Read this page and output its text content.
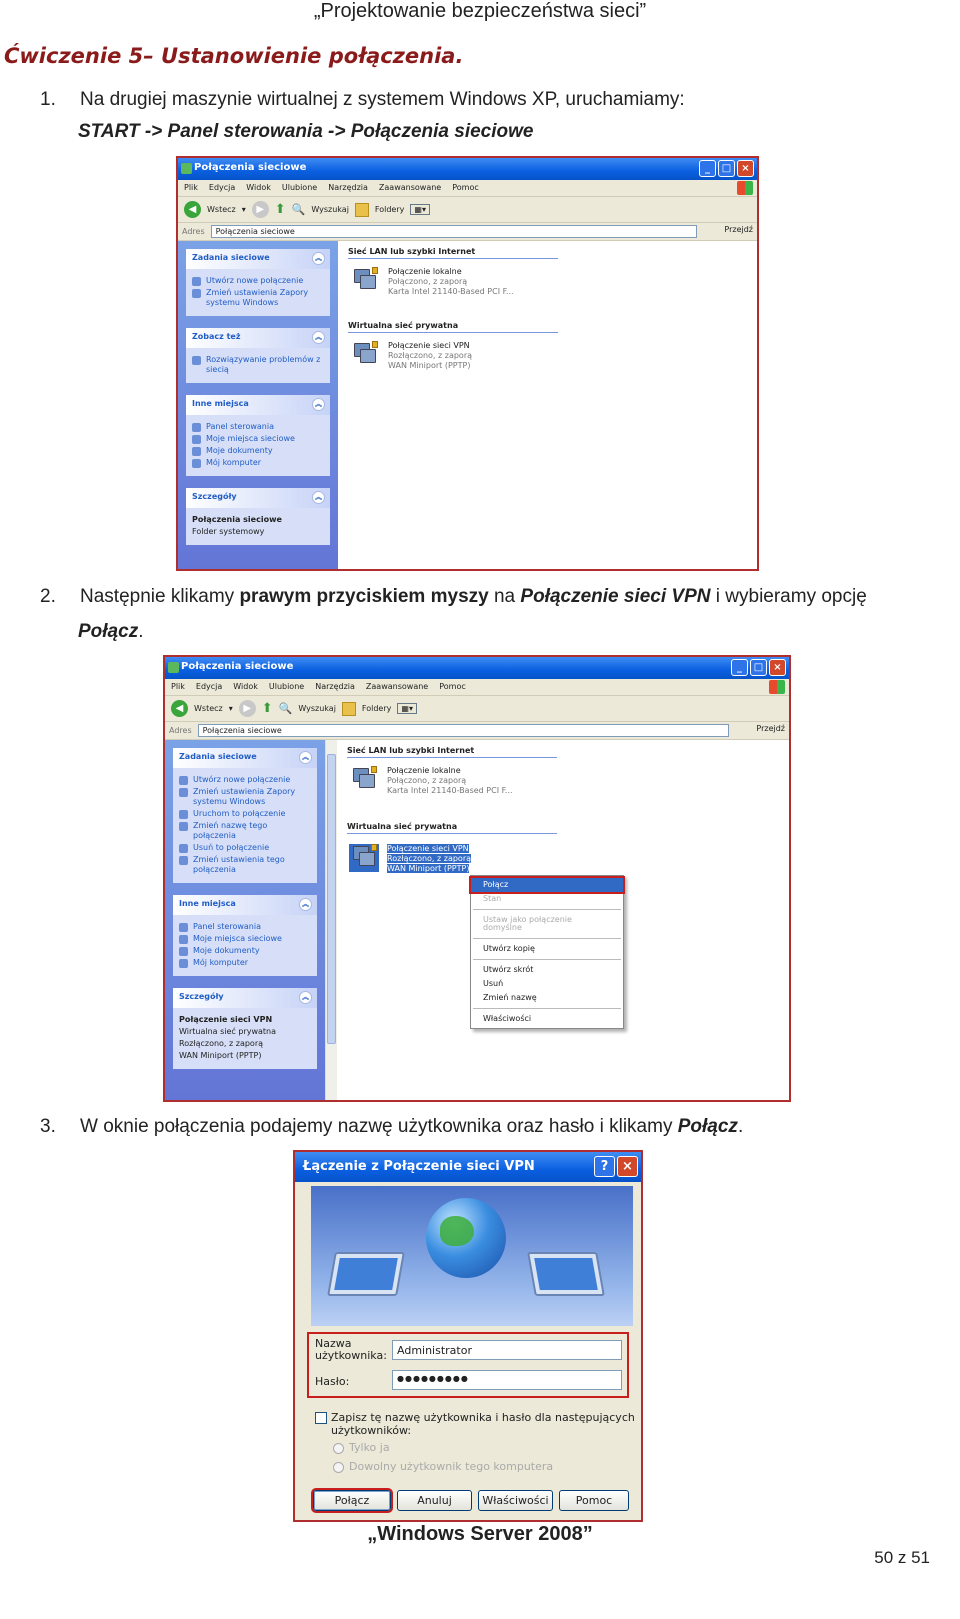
„Projektowanie bezpieczeństwa sieci”
Ćwiczenie 5– Ustanowienie połączenia.
1. Na drugiej maszynie wirtualnej z systemem Windows XP, uruchamiamy:
START -> Panel sterowania -> Połączenia sieciowe
Połączenia sieciowe	_	□	×
Plik Edycja Widok Ulubione Narzędzia Zaawansowane Pomoc
◀	Wstecz ▾	▶ ⬆ 🔍 Wyszukaj	Foldery	▦▾
Adres	Połączenia sieciowe	Przejdź
Zadania sieciowe	︽
Utwórz nowe połączenie
Zmień ustawienia Zapory systemu Windows
Zobacz też	︽
Rozwiązywanie problemów z siecią
Inne miejsca	︽
Panel sterowania
Moje miejsca sieciowe
Moje dokumenty
Mój komputer
Szczegóły	︽
Połączenia sieciowe
Folder systemowy
Sieć LAN lub szybki Internet
Połączenie lokalne
Połączono, z zaporą
Karta Intel 21140-Based PCI F...
Wirtualna sieć prywatna
Połączenie sieci VPN
Rozłączono, z zaporą
WAN Miniport (PPTP)
2. Następnie klikamy prawym przyciskiem myszy na Połączenie sieci VPN i wybieramy opcję
Połącz.
Połączenia sieciowe	_	□	×
Plik Edycja Widok Ulubione Narzędzia Zaawansowane Pomoc
◀	Wstecz ▾	▶ ⬆ 🔍 Wyszukaj	Foldery	▦▾
Adres	Połączenia sieciowe	Przejdź
Zadania sieciowe	︽
Utwórz nowe połączenie
Zmień ustawienia Zapory systemu Windows
Uruchom to połączenie
Zmień nazwę tego połączenia
Usuń to połączenie
Zmień ustawienia tego połączenia
Inne miejsca	︽
Panel sterowania
Moje miejsca sieciowe
Moje dokumenty
Mój komputer
Szczegóły	︽
Połączenie sieci VPN
Wirtualna sieć prywatna
Rozłączono, z zaporą
WAN Miniport (PPTP)
Sieć LAN lub szybki Internet
Połączenie lokalne
Połączono, z zaporą
Karta Intel 21140-Based PCI F...
Wirtualna sieć prywatna
Połączenie sieci VPN
Rozłączono, z zaporą
WAN Miniport (PPTP)
Połącz
Stan
Ustaw jako połączenie domyślne
Utwórz kopię
Utwórz skrót
Usuń
Zmień nazwę
Właściwości
3. W oknie połączenia podajemy nazwę użytkownika oraz hasło i klikamy Połącz.
Łączenie z Połączenie sieci VPN	?	×
Nazwa
użytkownika: Administrator
Hasło:	●●●●●●●●●
Zapisz tę nazwę użytkownika i hasło dla następujących
użytkowników:
Tylko ja
Dowolny użytkownik tego komputera
Połącz	Anuluj	Właściwości	Pomoc
„Windows Server 2008”
50 z 51
